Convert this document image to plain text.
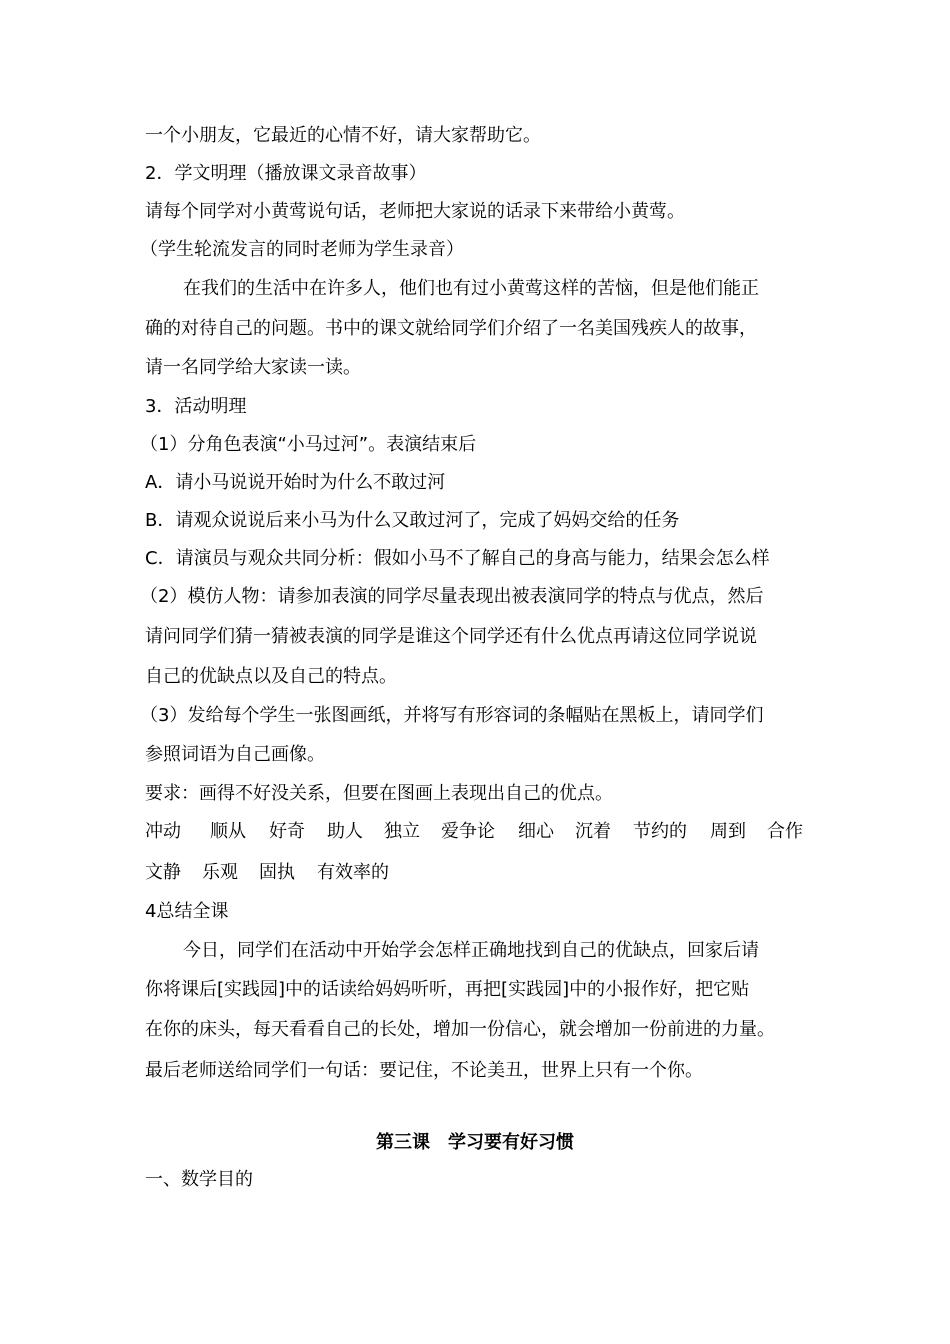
一个小朋友，它最近的心情不好，请大家帮助它。
2．学文明理（播放课文录音故事）
请每个同学对小黄莺说句话，老师把大家说的话录下来带给小黄莺。
（学生轮流发言的同时老师为学生录音）
在我们的生活中在许多人，他们也有过小黄莺这样的苦恼，但是他们能正
确的对待自己的问题。书中的课文就给同学们介绍了一名美国残疾人的故事，
请一名同学给大家读一读。
3．活动明理
（1）分角色表演“小马过河”。表演结束后
A．请小马说说开始时为什么不敢过河
B．请观众说说后来小马为什么又敢过河了，完成了妈妈交给的任务
C．请演员与观众共同分析：假如小马不了解自己的身高与能力，结果会怎么样
（2）模仿人物：请参加表演的同学尽量表现出被表演同学的特点与优点，然后
请问同学们猜一猜被表演的同学是谁这个同学还有什么优点再请这位同学说说
自己的优缺点以及自己的特点。
（3）发给每个学生一张图画纸，并将写有形容词的条幅贴在黑板上，请同学们
参照词语为自己画像。
要求：画得不好没关系，但要在图画上表现出自己的优点。
冲动 顺从 好奇 助人 独立 爱争论 细心 沉着 节约的 周到 合作
文静 乐观 固执 有效率的
4总结全课
今日，同学们在活动中开始学会怎样正确地找到自己的优缺点，回家后请
你将课后[实践园]中的话读给妈妈听听，再把[实践园]中的小报作好，把它贴
在你的床头，每天看看自己的长处，增加一份信心，就会增加一份前进的力量。
最后老师送给同学们一句话：要记住，不论美丑，世界上只有一个你。
第三课　学习要有好习惯
一、数学目的
